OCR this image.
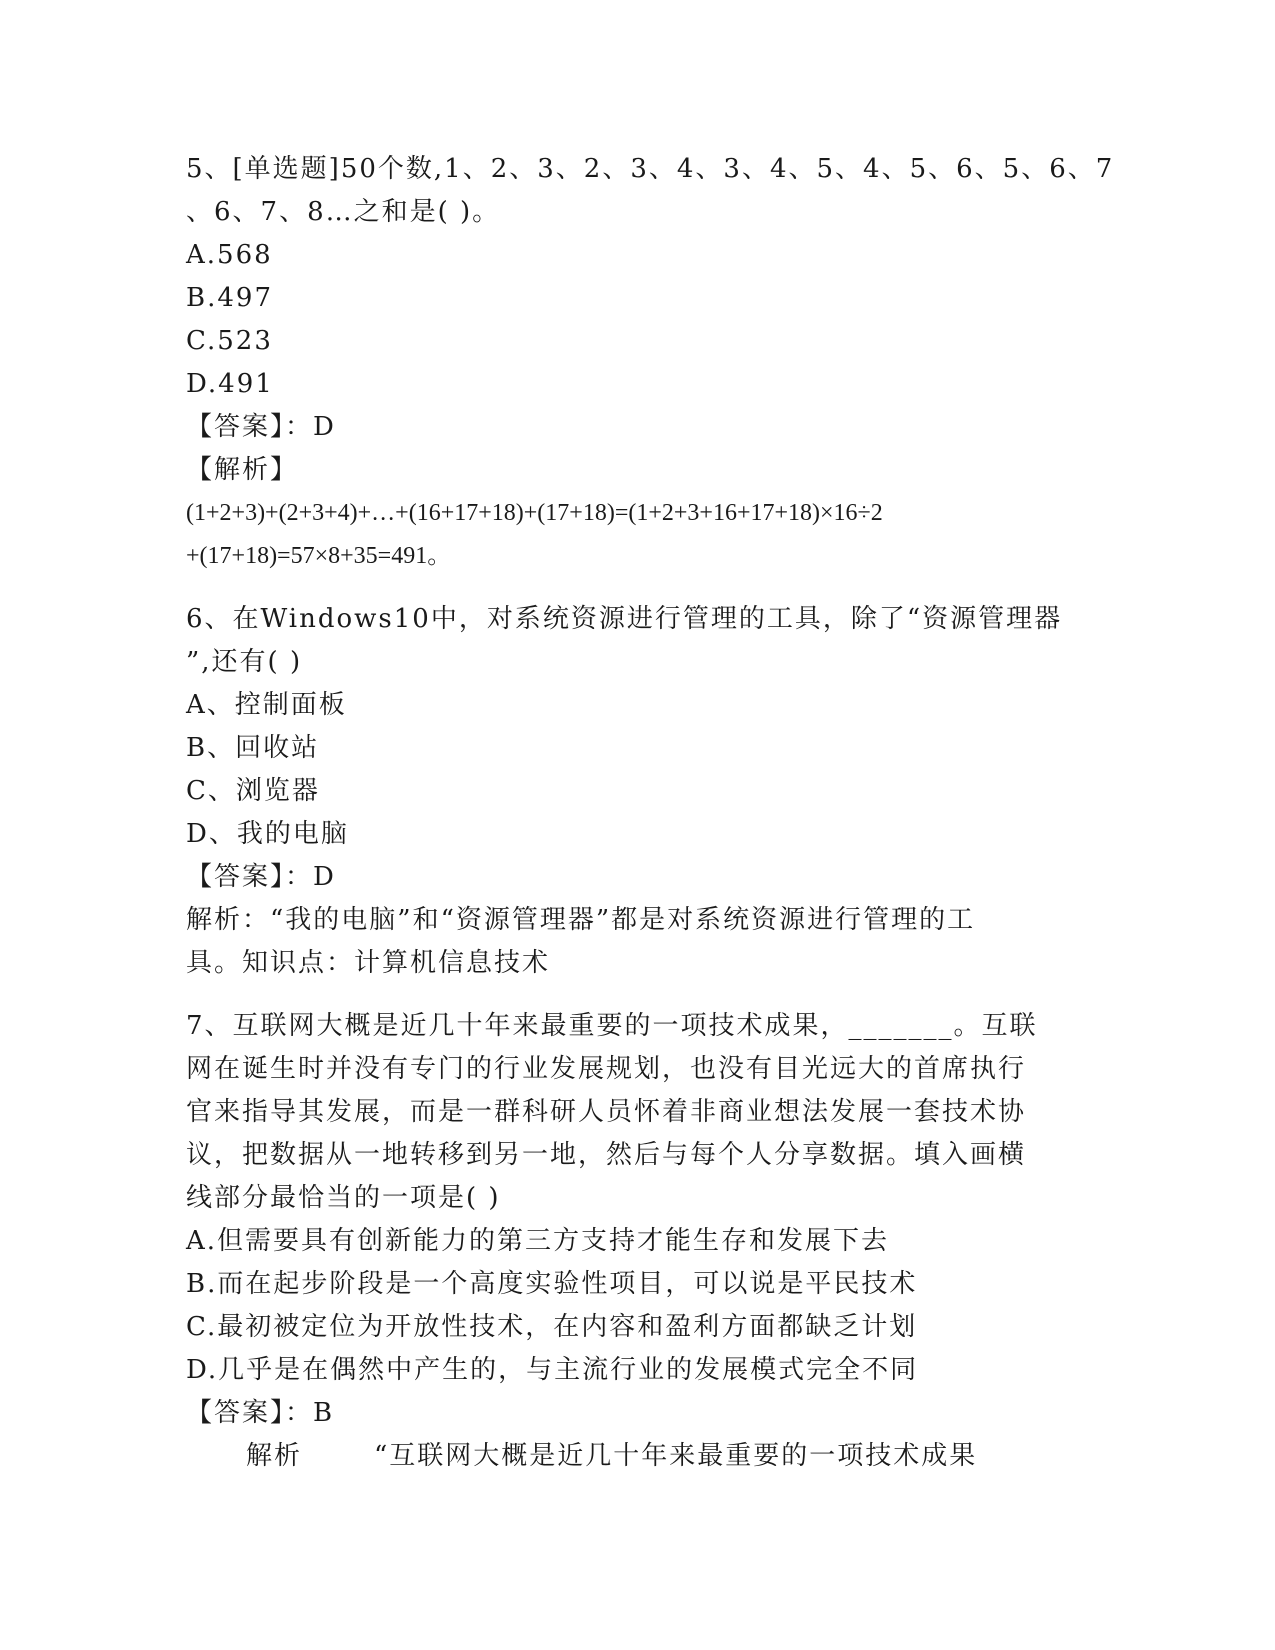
5、[单选题]50个数,1、2、3、2、3、4、3、4、5、4、5、6、5、6、7
、6、7、8…之和是( )。
A.568
B.497
C.523
D.491
【答案】：D
【解析】
(1+2+3)+(2+3+4)+…+(16+17+18)+(17+18)=(1+2+3+16+17+18)×16÷2
+(17+18)=57×8+35=491。
6、在Windows10中，对系统资源进行管理的工具，除了“资源管理器
”,还有( )
A、控制面板
B、回收站
C、浏览器
D、我的电脑
【答案】：D
解析：“我的电脑”和“资源管理器”都是对系统资源进行管理的工
具。知识点：计算机信息技术
7、互联网大概是近几十年来最重要的一项技术成果，_______。互联
网在诞生时并没有专门的行业发展规划，也没有目光远大的首席执行
官来指导其发展，而是一群科研人员怀着非商业想法发展一套技术协
议，把数据从一地转移到另一地，然后与每个人分享数据。填入画横
线部分最恰当的一项是( )
A.但需要具有创新能力的第三方支持才能生存和发展下去
B.而在起步阶段是一个高度实验性项目，可以说是平民技术
C.最初被定位为开放性技术，在内容和盈利方面都缺乏计划
D.几乎是在偶然中产生的，与主流行业的发展模式完全不同
【答案】：B
解析	“互联网大概是近几十年来最重要的一项技术成果
